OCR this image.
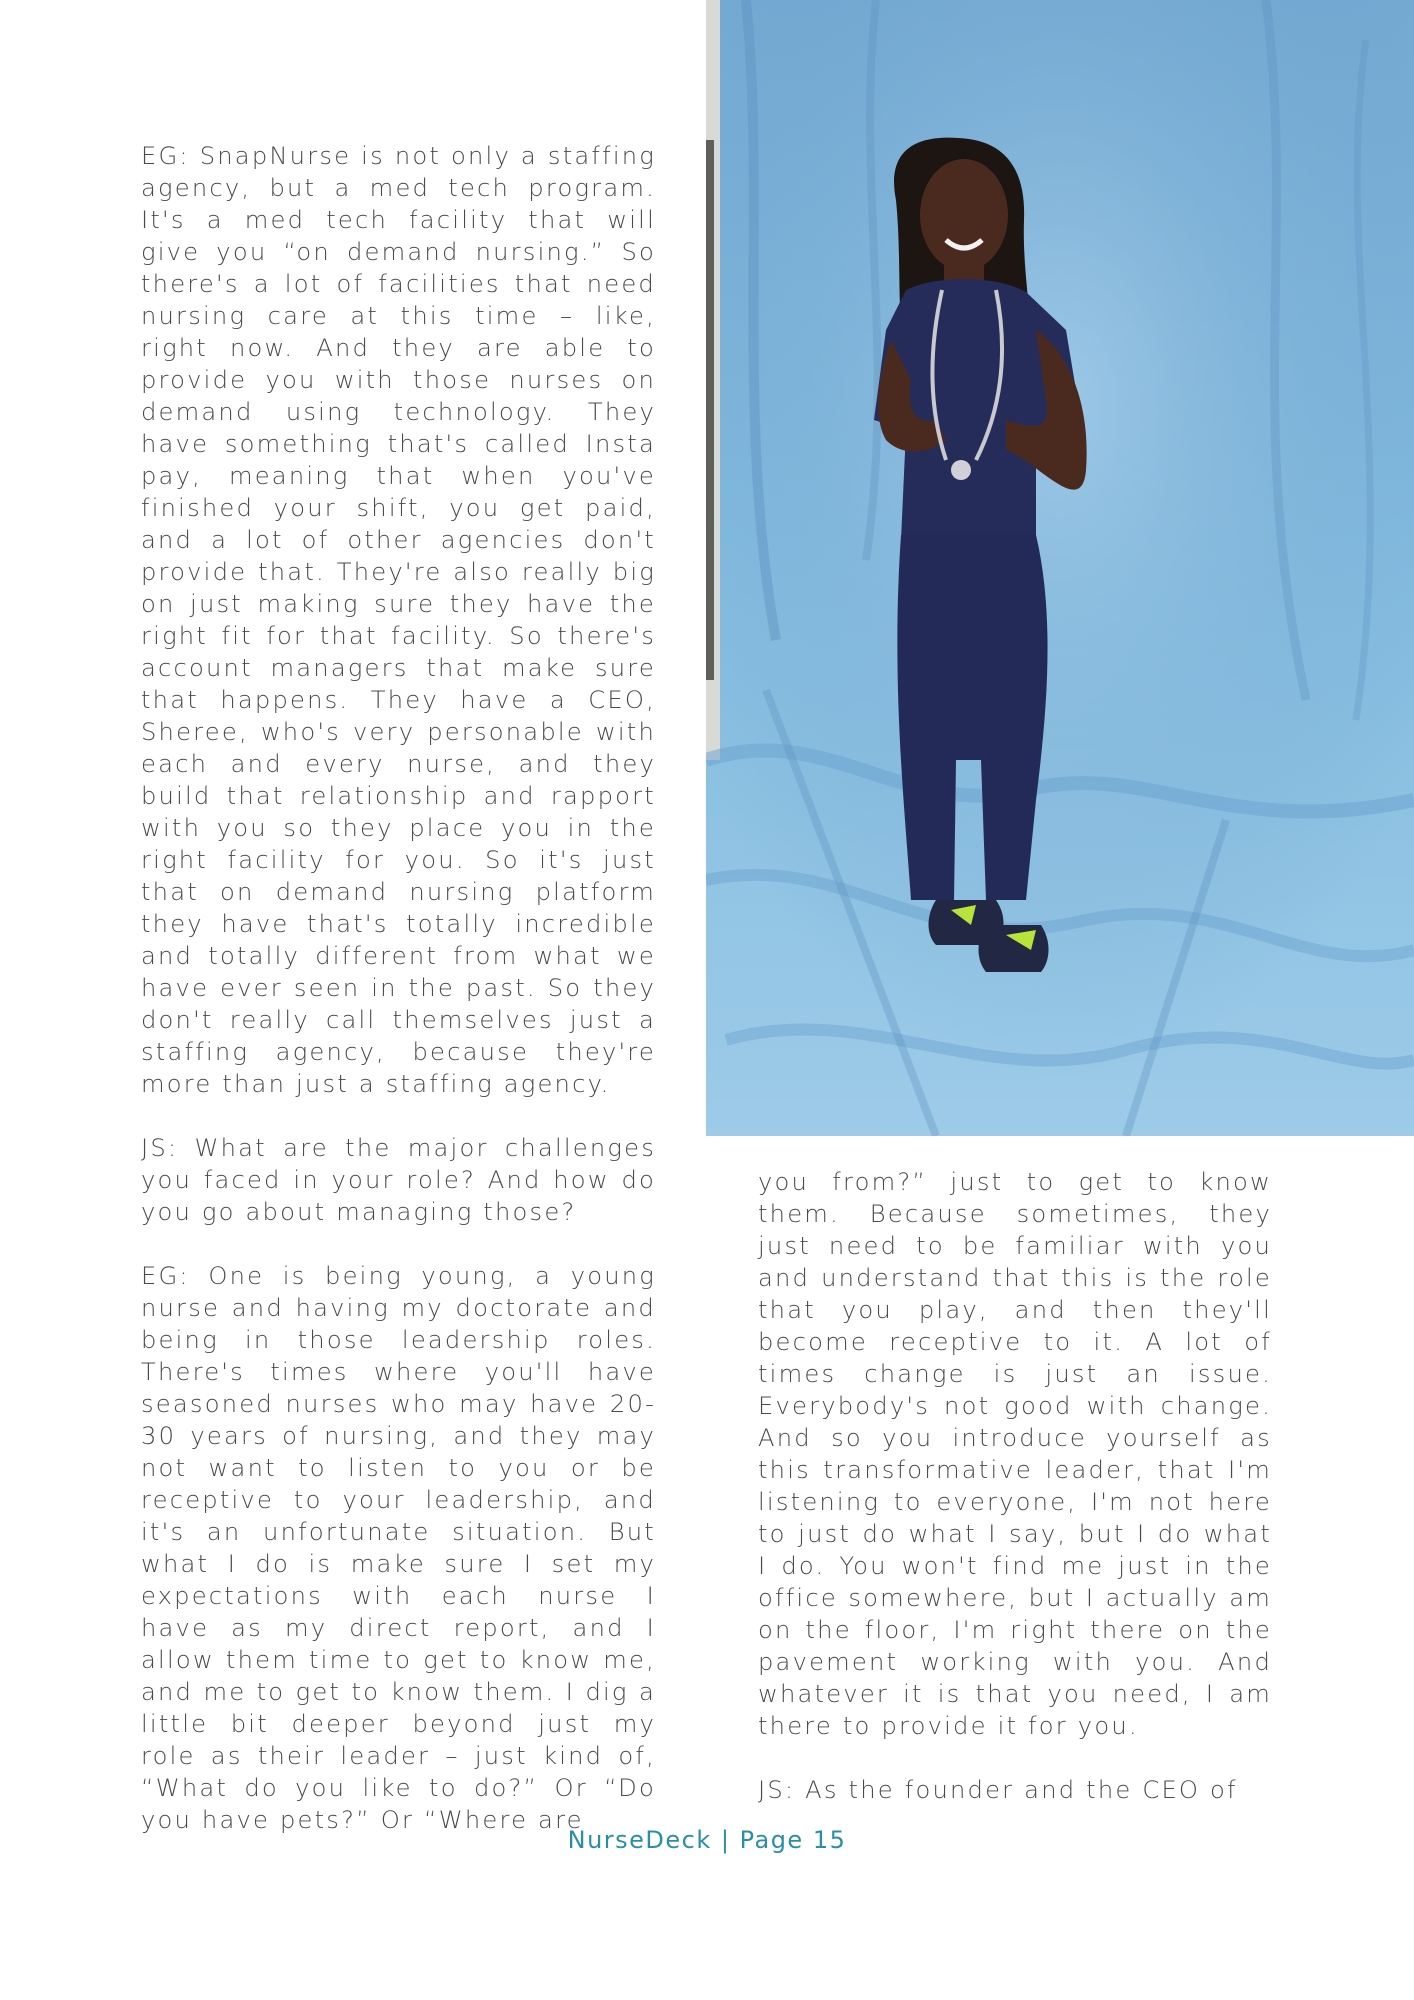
EG: SnapNurse is not only a staffing agency, but a med tech program. It's a med tech facility that will give you “on demand nursing.” So there's a lot of facilities that need nursing care at this time – like, right now. And they are able to provide you with those nurses on demand using technology. They have something that's called Insta pay, meaning that when you've finished your shift, you get paid, and a lot of other agencies don't provide that. They're also really big on just making sure they have the right fit for that facility. So there's account managers that make sure that happens. They have a CEO, Sheree, who's very personable with each and every nurse, and they build that relationship and rapport with you so they place you in the right facility for you. So it's just that on demand nursing platform they have that's totally incredible and totally different from what we have ever seen in the past. So they don't really call themselves just a staffing agency, because they're more than just a staffing agency.

JS: What are the major challenges you faced in your role? And how do you go about managing those?

EG: One is being young, a young nurse and having my doctorate and being in those leadership roles. There's times where you'll have seasoned nurses who may have 20-30 years of nursing, and they may not want to listen to you or be receptive to your leadership, and it's an unfortunate situation. But what I do is make sure I set my expectations with each nurse I have as my direct report, and I allow them time to get to know me, and me to get to know them. I dig a little bit deeper beyond just my role as their leader – just kind of, “What do you like to do?” Or “Do you have pets?” Or “Where are

you from?” just to get to know them. Because sometimes, they just need to be familiar with you and understand that this is the role that you play, and then they'll become receptive to it. A lot of times change is just an issue. Everybody's not good with change. And so you introduce yourself as this transformative leader, that I'm listening to everyone, I'm not here to just do what I say, but I do what I do. You won't find me just in the office somewhere, but I actually am on the floor, I'm right there on the pavement working with you. And whatever it is that you need, I am there to provide it for you.

JS: As the founder and the CEO of

NurseDeck | Page 15
